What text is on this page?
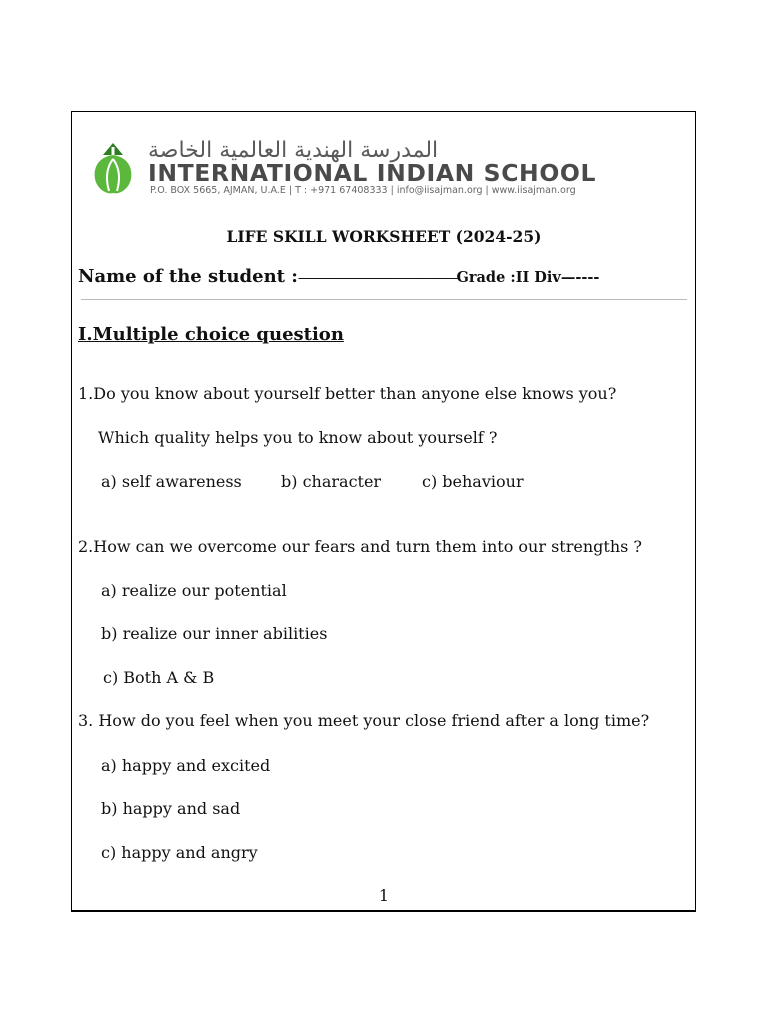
المدرسة الهندية العالمية الخاصة
INTERNATIONAL INDIAN SCHOOL
P.O. BOX 5665, AJMAN, U.A.E | T : +971 67408333 | info@iisajman.org | www.iisajman.org
LIFE SKILL WORKSHEET (2024-25)
Name of the student :-----------------------------------------------------Grade :II Div—----
I.Multiple choice question
1.Do you know about yourself better than anyone else knows you?
Which quality helps you to know about yourself ?
a) self awareness b) character	c) behaviour
2.How can we overcome our fears and turn them into our strengths ?
a) realize our potential
b) realize our inner abilities
c) Both A & B
3. How do you feel when you meet your close friend after a long time?
a) happy and excited
b) happy and sad
c) happy and angry
1
